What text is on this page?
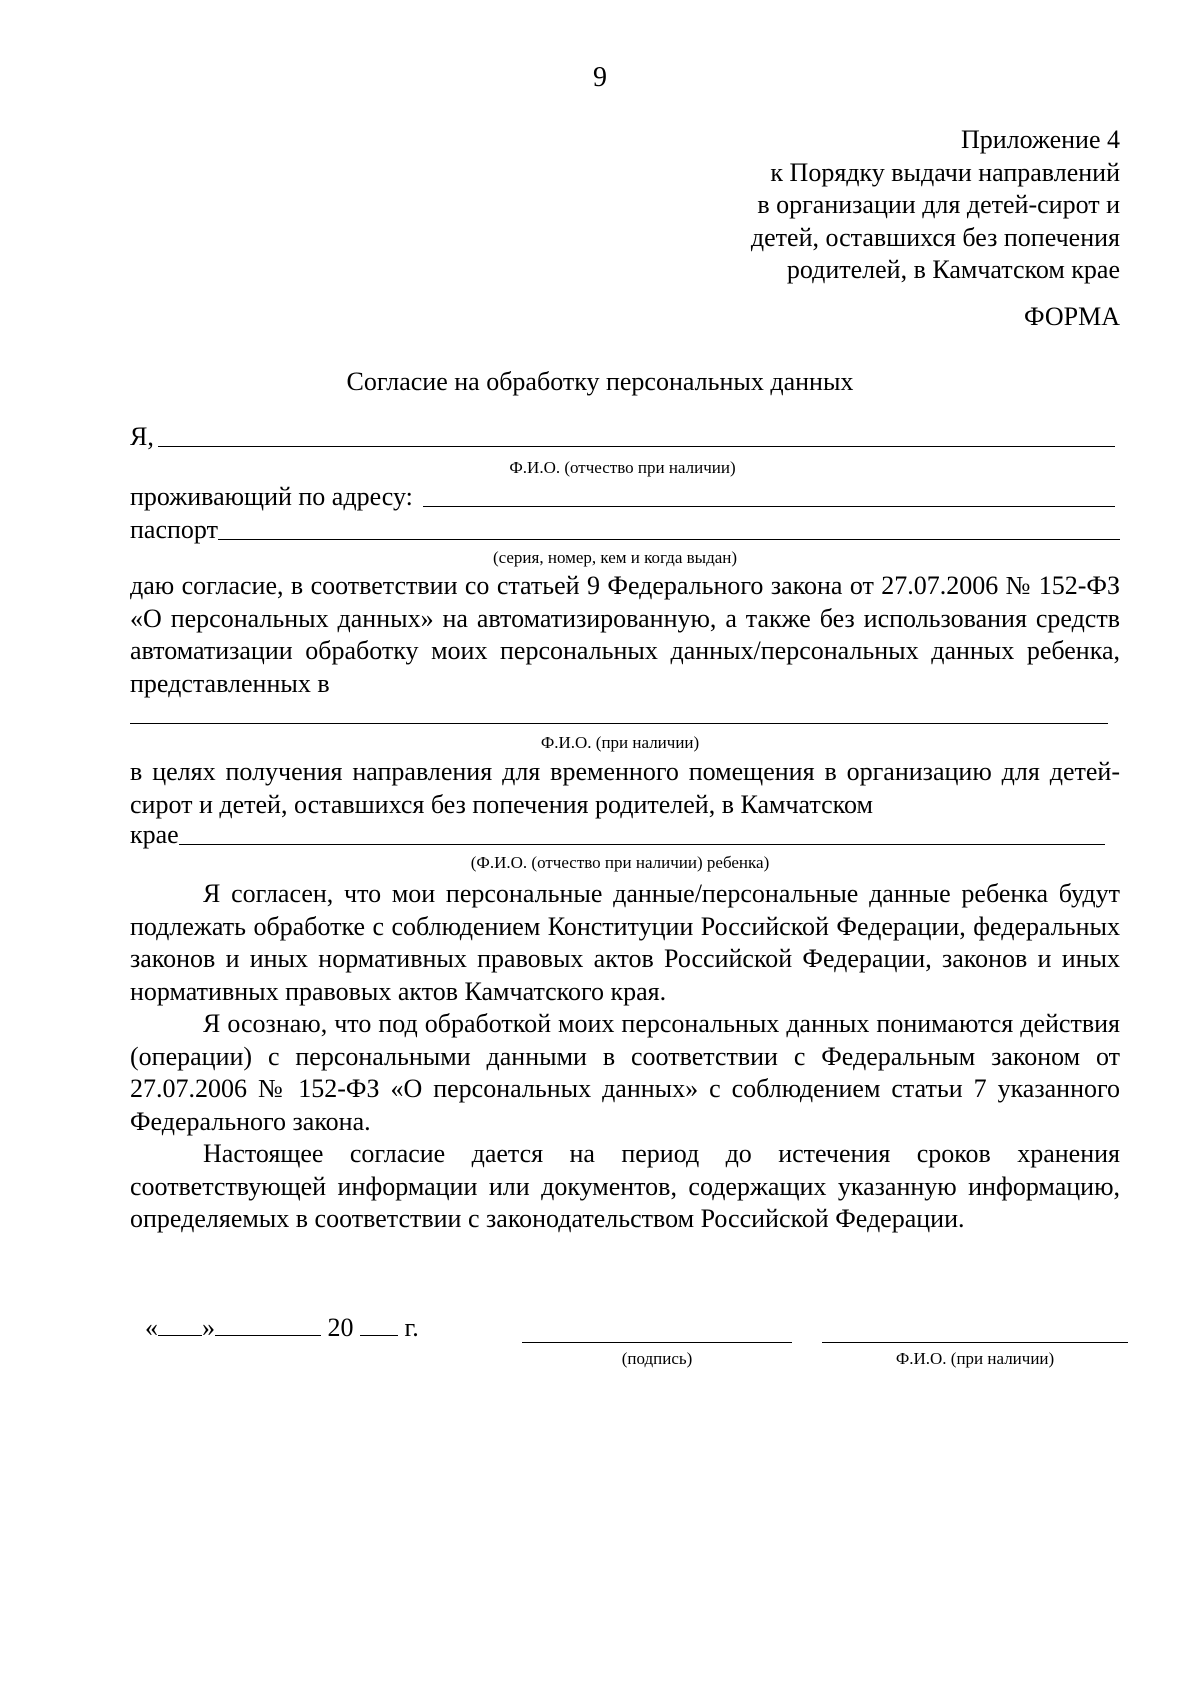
9
Приложение 4
к Порядку выдачи направлений
в организации для детей-сирот и
детей, оставшихся без попечения
родителей, в Камчатском крае
ФОРМА
Согласие на обработку персональных данных
Я,
Ф.И.О. (отчество при наличии)
проживающий по адресу:
паспорт
(серия, номер, кем и когда выдан)
даю согласие, в соответствии со статьей 9 Федерального закона от 27.07.2006 № 152-ФЗ «О персональных данных» на автоматизированную, а также без использования средств автоматизации обработку моих персональных данных/персональных данных ребенка, представленных в
Ф.И.О. (при наличии)
в целях получения направления для временного помещения в организацию для детей-сирот и детей, оставшихся без попечения родителей, в Камчатском
крае
(Ф.И.О. (отчество при наличии) ребенка)
Я согласен, что мои персональные данные/персональные данные ребенка будут подлежать обработке с соблюдением Конституции Российской Федерации, федеральных законов и иных нормативных правовых актов Российской Федерации, законов и иных нормативных правовых актов Камчатского края.
Я осознаю, что под обработкой моих персональных данных понимаются действия (операции) с персональными данными в соответствии с Федеральным законом от 27.07.2006 № 152-ФЗ «О персональных данных» с соблюдением статьи 7 указанного Федерального закона.
Настоящее согласие дается на период до истечения сроков хранения соответствующей информации или документов, содержащих указанную информацию, определяемых в соответствии с законодательством Российской Федерации.
« »	20 г.
(подпись)	Ф.И.О. (при наличии)
